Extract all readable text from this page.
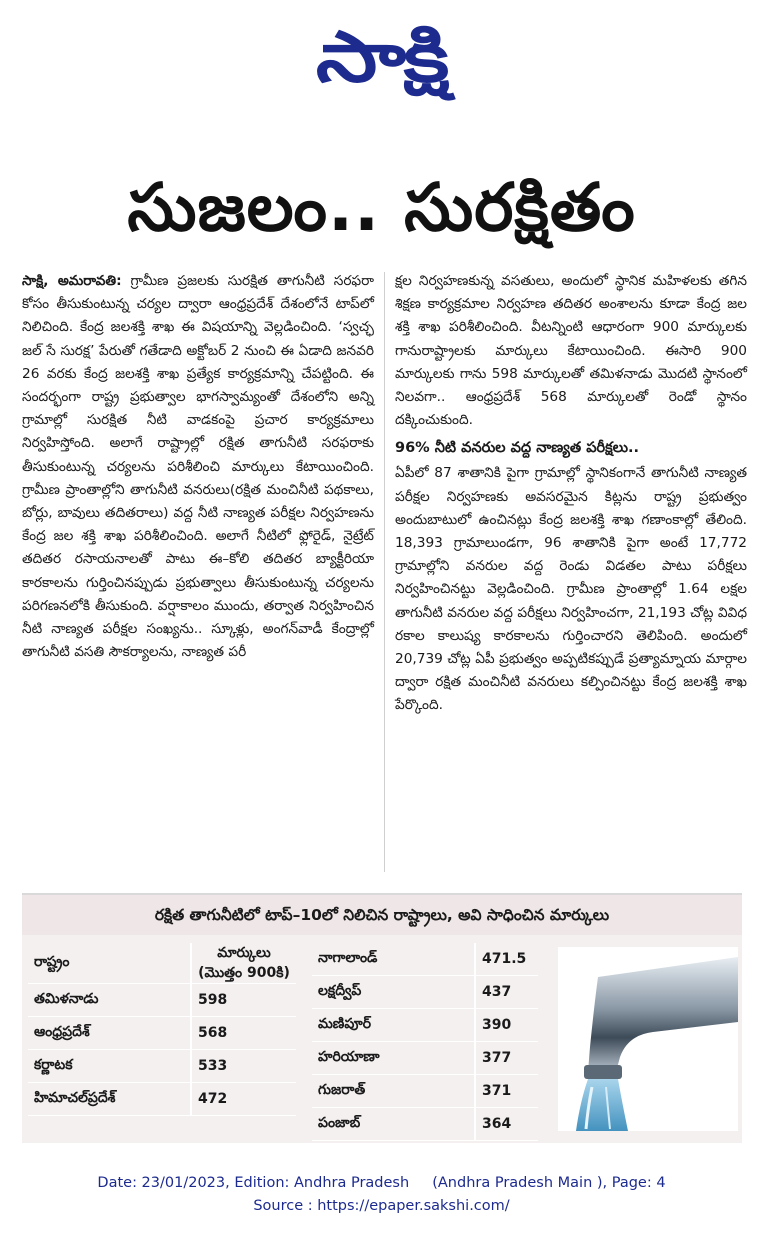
సాక్షి
సుజలం.. సురక్షితం

సాక్షి, అమరావతి: గ్రామీణ ప్రజలకు సురక్షిత తాగునీటి సరఫరా కోసం తీసుకుంటున్న చర్యల ద్వారా ఆంధ్రప్రదేశ్ దేశంలోనే టాప్‌లో నిలిచింది. కేంద్ర జలశక్తి శాఖ ఈ విషయాన్ని వెల్లడించింది. ‘స్వచ్ఛ జల్ సే సురక్ష’ పేరుతో గతేడాది అక్టోబర్ 2 నుంచి ఈ ఏడాది జనవరి 26 వరకు కేంద్ర జలశక్తి శాఖ ప్రత్యేక కార్యక్రమాన్ని చేపట్టింది. ఈ సందర్భంగా రాష్ట్ర ప్రభుత్వాల భాగస్వామ్యంతో దేశంలోని అన్ని గ్రామాల్లో సురక్షిత నీటి వాడకంపై ప్రచార కార్యక్రమాలు నిర్వహిస్తోంది. అలాగే రాష్ట్రాల్లో రక్షిత తాగునీటి సరఫరాకు తీసుకుంటున్న చర్యలను పరిశీలించి మార్కులు కేటాయించింది. గ్రామీణ ప్రాంతాల్లోని తాగునీటి వనరులు(రక్షిత మంచినీటి పథకాలు, బోర్లు, బావులు తదితరాలు) వద్ద నీటి నాణ్యత పరీక్షల నిర్వహణను కేంద్ర జల శక్తి శాఖ పరిశీలించింది. అలాగే నీటిలో ఫ్లోరైడ్, నైట్రేట్ తదితర రసాయనాలతో పాటు ఈ–కోలి తదితర బ్యాక్టీరియా కారకాలను గుర్తించినప్పుడు ప్రభుత్వాలు తీసుకుంటున్న చర్యలను పరిగణనలోకి తీసుకుంది. వర్షాకాలం ముందు, తర్వాత నిర్వహించిన నీటి నాణ్యత పరీక్షల సంఖ్యను.. స్కూళ్లు, అంగన్‌వాడీ కేంద్రాల్లో తాగునీటి వసతి సౌకర్యాలను, నాణ్యత పరీ

క్షల నిర్వహణకున్న వసతులు, అందులో స్థానిక మహిళలకు తగిన శిక్షణ కార్యక్రమాల నిర్వహణ తదితర అంశాలను కూడా కేంద్ర జల శక్తి శాఖ పరిశీలించింది. వీటన్నింటి ఆధారంగా 900 మార్కులకు గానురాష్ట్రాలకు మార్కులు కేటాయించింది. ఈసారి 900 మార్కులకు గాను 598 మార్కులతో తమిళనాడు మొదటి స్థానంలో నిలవగా.. ఆంధ్రప్రదేశ్ 568 మార్కులతో రెండో స్థానం దక్కించుకుంది.

96% నీటి వనరుల వద్ద నాణ్యత పరీక్షలు..

ఏపీలో 87 శాతానికి పైగా గ్రామాల్లో స్థానికంగానే తాగునీటి నాణ్యత పరీక్షల నిర్వహణకు అవసరమైన కిట్లను రాష్ట్ర ప్రభుత్వం అందుబాటులో ఉంచినట్లు కేంద్ర జలశక్తి శాఖ గణాంకాల్లో తేలింది. 18,393 గ్రామాలుండగా, 96 శాతానికి పైగా అంటే 17,772 గ్రామాల్లోని వనరుల వద్ద రెండు విడతల పాటు పరీక్షలు నిర్వహించినట్టు వెల్లడించింది. గ్రామీణ ప్రాంతాల్లో 1.64 లక్షల తాగునీటి వనరుల వద్ద పరీక్షలు నిర్వహించగా, 21,193 చోట్ల వివిధ రకాల కాలుష్య కారకాలను గుర్తించారని తెలిపింది. అందులో 20,739 చోట్ల ఏపీ ప్రభుత్వం అప్పటికప్పుడే ప్రత్యామ్నాయ మార్గాల ద్వారా రక్షిత మంచినీటి వనరులు కల్పించినట్టు కేంద్ర జలశక్తి శాఖ పేర్కొంది.

రక్షిత తాగునీటిలో టాప్‌–10లో నిలిచిన రాష్ట్రాలు, అవి సాధించిన మార్కులు
రాష్ట్రం	మార్కులు
(మొత్తం 900కి)

తమిళనాడు	598
ఆంధ్రప్రదేశ్	568
కర్ణాటక	533
హిమాచల్‌ప్రదేశ్	472
నాగాలాండ్	471.5
లక్షద్వీప్	437
మణిపూర్	390
హరియాణా	377
గుజరాత్	371
పంజాబ్	364
Date: 23/01/2023, Edition: Andhra Pradesh     (Andhra Pradesh Main ), Page: 4
Source : https://epaper.sakshi.com/
